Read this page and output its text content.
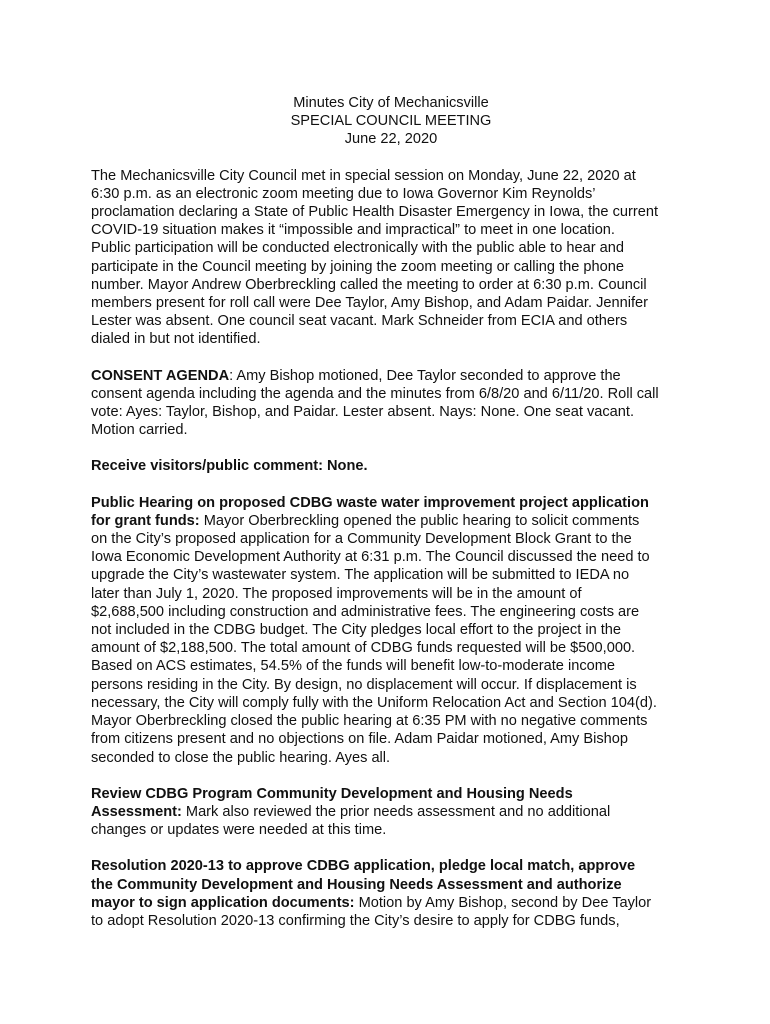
Minutes City of Mechanicsville
SPECIAL COUNCIL MEETING
June 22, 2020

The Mechanicsville City Council met in special session on Monday, June 22, 2020 at
6:30 p.m. as an electronic zoom meeting due to Iowa Governor Kim Reynolds’
proclamation declaring a State of Public Health Disaster Emergency in Iowa, the current
COVID-19 situation makes it “impossible and impractical” to meet in one location.
Public participation will be conducted electronically with the public able to hear and
participate in the Council meeting by joining the zoom meeting or calling the phone
number. Mayor Andrew Oberbreckling called the meeting to order at 6:30 p.m. Council
members present for roll call were Dee Taylor, Amy Bishop, and Adam Paidar. Jennifer
Lester was absent. One council seat vacant. Mark Schneider from ECIA and others
dialed in but not identified.

CONSENT AGENDA: Amy Bishop motioned, Dee Taylor seconded to approve the
consent agenda including the agenda and the minutes from 6/8/20 and 6/11/20. Roll call
vote: Ayes: Taylor, Bishop, and Paidar. Lester absent. Nays: None. One seat vacant.
Motion carried.

Receive visitors/public comment: None.

Public Hearing on proposed CDBG waste water improvement project application
for grant funds: Mayor Oberbreckling opened the public hearing to solicit comments
on the City’s proposed application for a Community Development Block Grant to the
Iowa Economic Development Authority at 6:31 p.m. The Council discussed the need to
upgrade the City’s wastewater system. The application will be submitted to IEDA no
later than July 1, 2020. The proposed improvements will be in the amount of
$2,688,500 including construction and administrative fees. The engineering costs are
not included in the CDBG budget. The City pledges local effort to the project in the
amount of $2,188,500. The total amount of CDBG funds requested will be $500,000.
Based on ACS estimates, 54.5% of the funds will benefit low-to-moderate income
persons residing in the City. By design, no displacement will occur. If displacement is
necessary, the City will comply fully with the Uniform Relocation Act and Section 104(d).
Mayor Oberbreckling closed the public hearing at 6:35 PM with no negative comments
from citizens present and no objections on file. Adam Paidar motioned, Amy Bishop
seconded to close the public hearing. Ayes all.

Review CDBG Program Community Development and Housing Needs
Assessment: Mark also reviewed the prior needs assessment and no additional
changes or updates were needed at this time.

Resolution 2020-13 to approve CDBG application, pledge local match, approve
the Community Development and Housing Needs Assessment and authorize
mayor to sign application documents: Motion by Amy Bishop, second by Dee Taylor
to adopt Resolution 2020-13 confirming the City’s desire to apply for CDBG funds,
